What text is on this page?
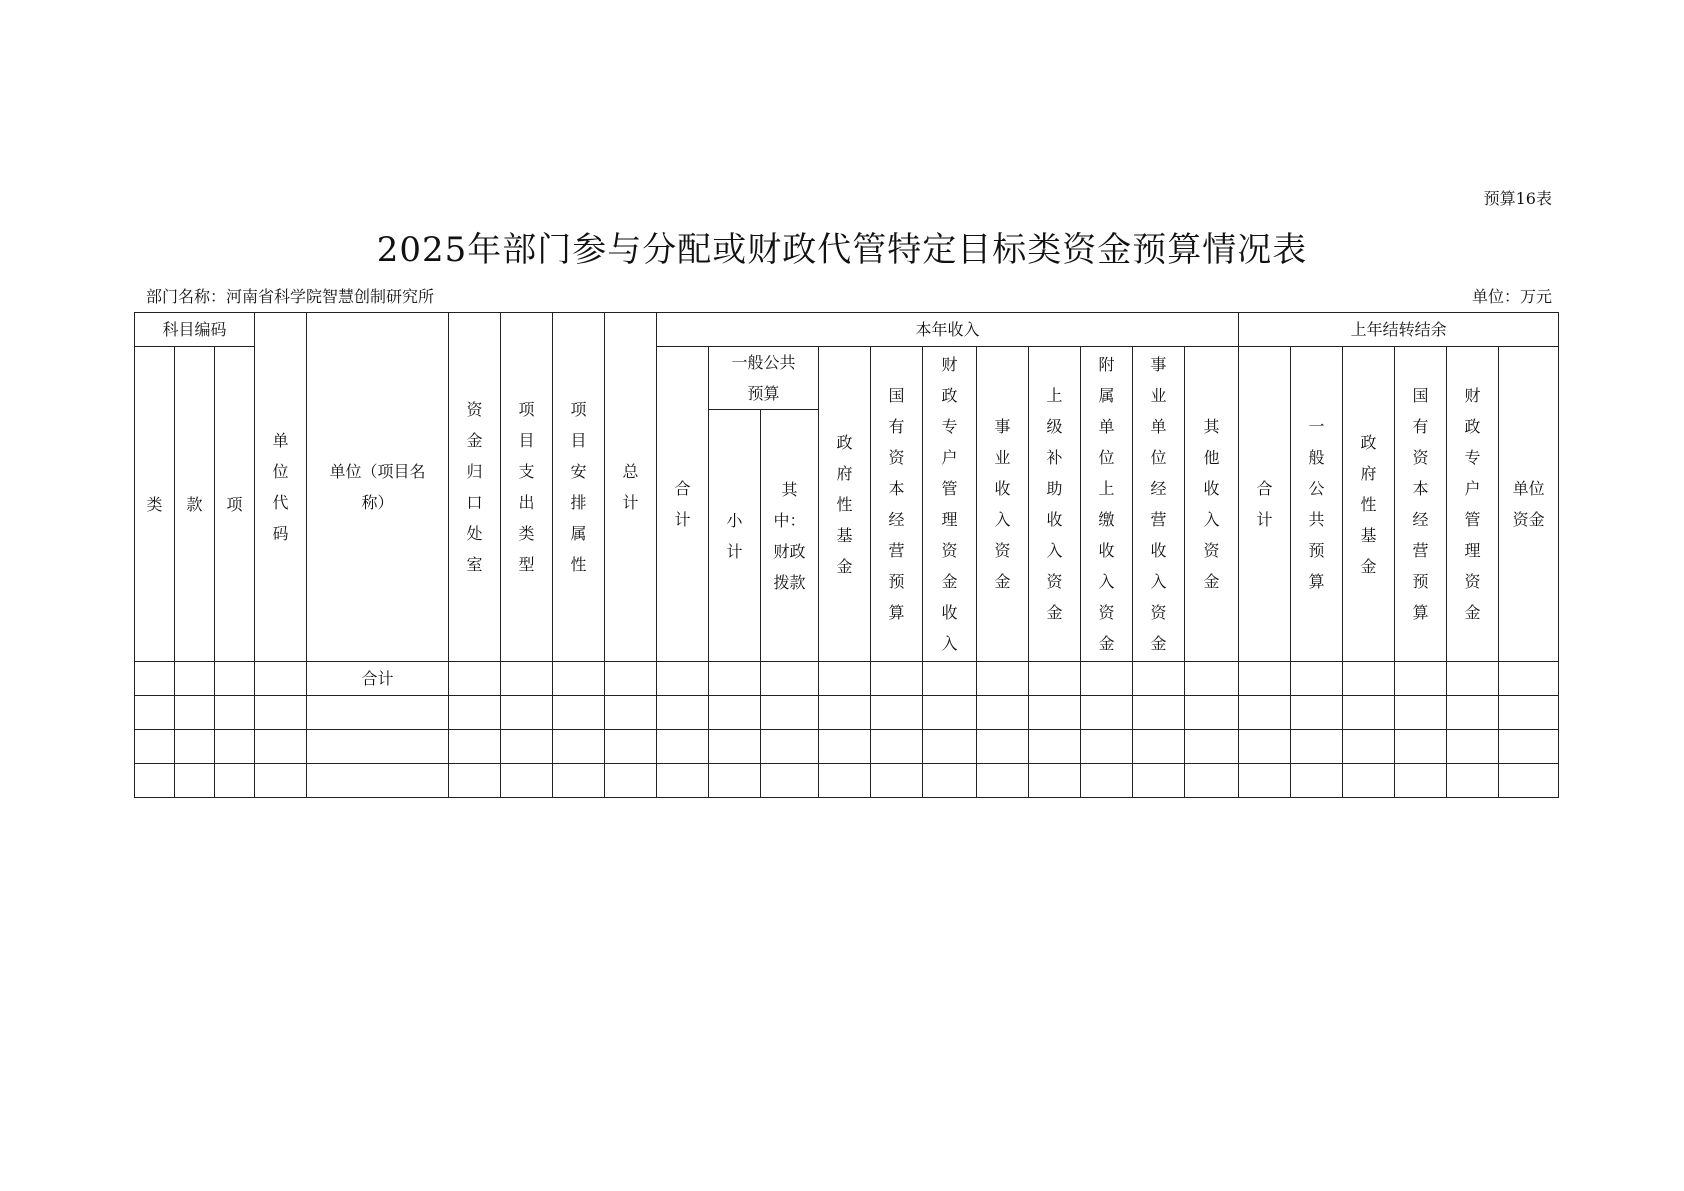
预算16表
2025年部门参与分配或财政代管特定目标类资金预算情况表
部门名称：河南省科学院智慧创制研究所	单位：万元
科目编码			单位代码	单位（项目名称）	资金归口处室	项目支出类型	项目安排属性	总计	本年收入											上年结转结余					
类	款	项							合计	一般公共预算		政府性基金	国有资本经营预算	财政专户管理资金收入	事业收入资金	上级补助收入资金	附属单位上缴收入资金	事业单位经营收入资金	其他收入资金	合计	一般公共预算	政府性基金	国有资本经营预算	财政专户管理资金	单位资金
										小计	其中：财政拨款														
				合计																					
